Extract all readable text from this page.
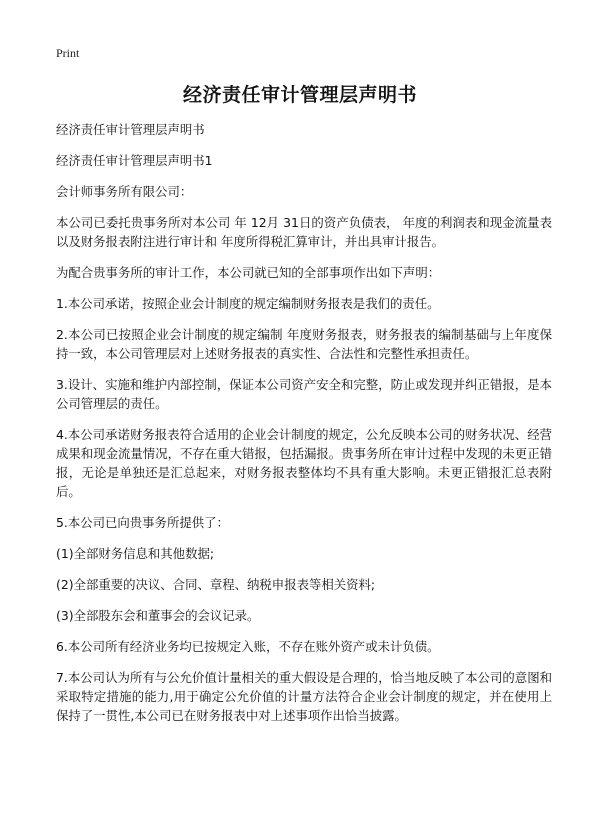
Print
经济责任审计管理层声明书

经济责任审计管理层声明书

经济责任审计管理层声明书1

会计师事务所有限公司：

本公司已委托贵事务所对本公司 年 12月 31日的资产负债表， 年度的利润表和现金流量表以及财务报表附注进行审计和 年度所得税汇算审计，并出具审计报告。

为配合贵事务所的审计工作，本公司就已知的全部事项作出如下声明：

1.本公司承诺，按照企业会计制度的规定编制财务报表是我们的责任。

2.本公司已按照企业会计制度的规定编制 年度财务报表，财务报表的编制基础与上年度保持一致，本公司管理层对上述财务报表的真实性、合法性和完整性承担责任。

3.设计、实施和维护内部控制，保证本公司资产安全和完整，防止或发现并纠正错报，是本公司管理层的责任。

4.本公司承诺财务报表符合适用的企业会计制度的规定，公允反映本公司的财务状况、经营成果和现金流量情况，不存在重大错报，包括漏报。贵事务所在审计过程中发现的未更正错报，无论是单独还是汇总起来，对财务报表整体均不具有重大影响。未更正错报汇总表附后。

5.本公司已向贵事务所提供了：

(1)全部财务信息和其他数据;

(2)全部重要的决议、合同、章程、纳税申报表等相关资料;

(3)全部股东会和董事会的会议记录。

6.本公司所有经济业务均已按规定入账，不存在账外资产或未计负债。

7.本公司认为所有与公允价值计量相关的重大假设是合理的，恰当地反映了本公司的意图和采取特定措施的能力,用于确定公允价值的计量方法符合企业会计制度的规定，并在使用上保持了一贯性,本公司已在财务报表中对上述事项作出恰当披露。
